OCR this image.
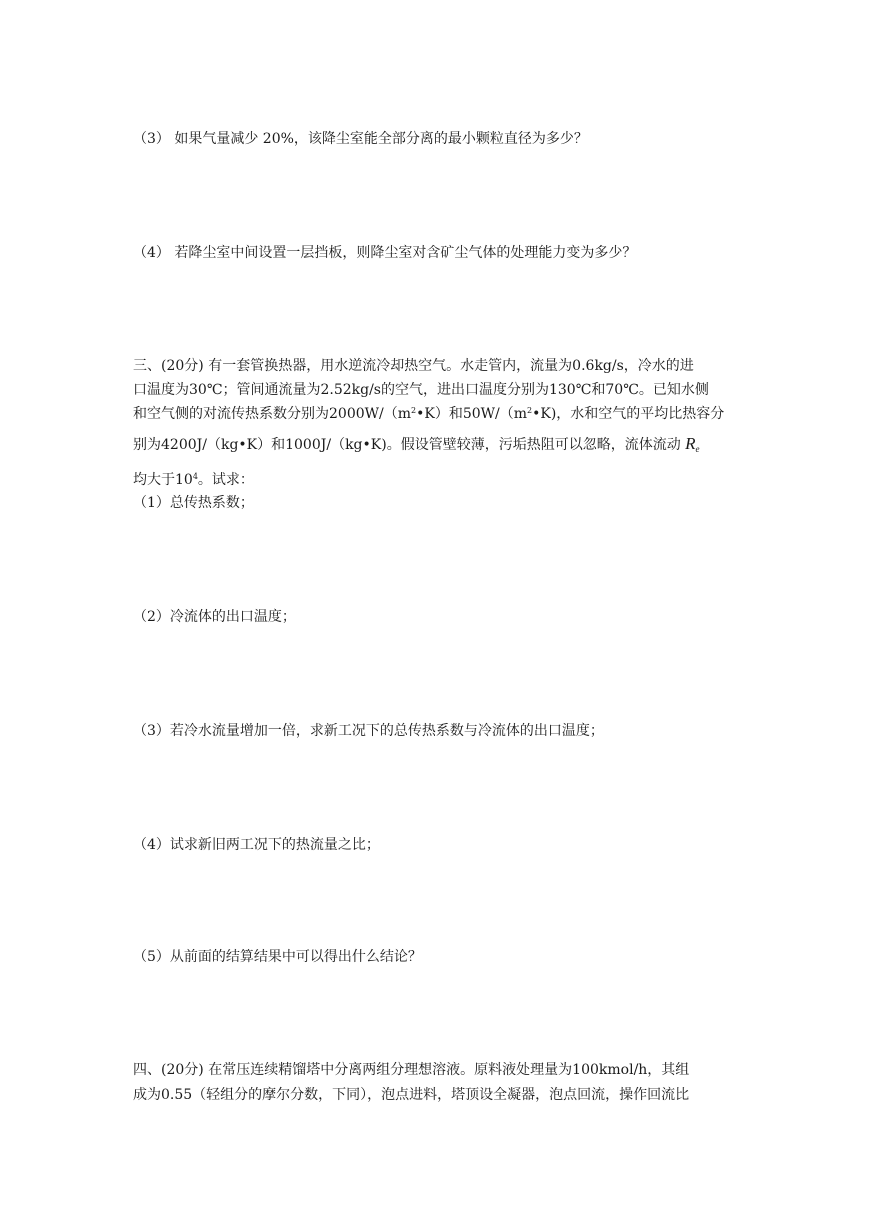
（3） 如果气量减少 20%，该降尘室能全部分离的最小颗粒直径为多少？
（4） 若降尘室中间设置一层挡板，则降尘室对含矿尘气体的处理能力变为多少？
三、(20分) 有一套管换热器，用水逆流冷却热空气。水走管内，流量为0.6kg/s，冷水的进
口温度为30℃；管间通流量为2.52kg/s的空气，进出口温度分别为130℃和70℃。已知水侧
和空气侧的对流传热系数分别为$2000W/(m^2•K)$和$50W/(m^2•K)$，水和空气的平均比热容分
别为4200J/（kg•K）和1000J/（kg•K)。假设管壁较薄，污垢热阻可以忽略，流体流动 $R_e$
均大于$10^4$。试求：
（1）总传热系数；
（2）冷流体的出口温度；
（3）若冷水流量增加一倍，求新工况下的总传热系数与冷流体的出口温度；
（4）试求新旧两工况下的热流量之比；
（5）从前面的结算结果中可以得出什么结论？
四、(20分) 在常压连续精馏塔中分离两组分理想溶液。原料液处理量为100kmol/h，其组
成为0.55（轻组分的摩尔分数，下同），泡点进料，塔顶设全凝器，泡点回流，操作回流比
